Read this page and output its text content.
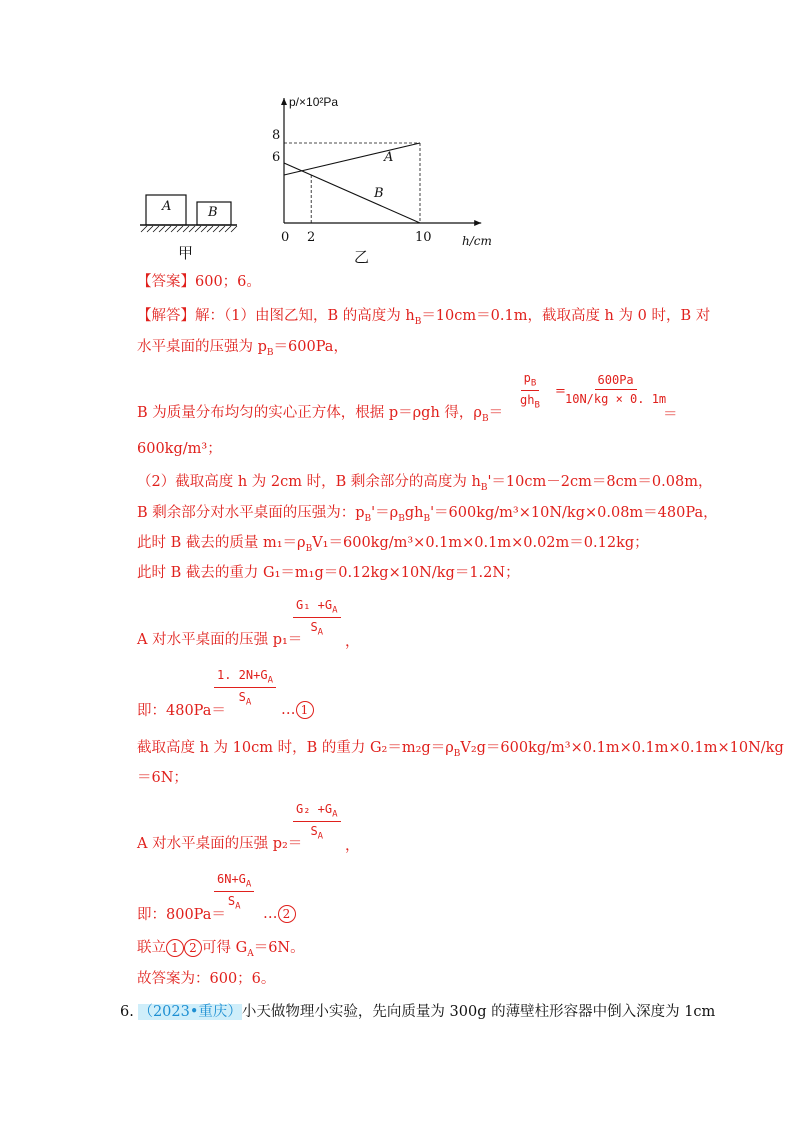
A	B
甲
p/×10²Pa
h/cm
8
6
0 2	10
A
B
乙
【答案】600；6。
【解答】解：（1）由图乙知，B 的高度为 $h_B=10cm=0.1m$，截取高度 h 为 0 时，B 对
水平桌面的压强为 $p_B=600Pa$，
B 为质量分布均匀的实心正方体，根据 p＝ρgh 得，$\rho_B=$
$p_B$
$gh_B$
= $\frac{600Pa}{10N/kg \times 0. 1m}$
＝
600kg/m³；
（2）截取高度 h 为 2cm 时，B 剩余部分的高度为 $h_B'=10cm-2cm=8cm=0.08m$，
B 剩余部分对水平桌面的压强为：$p_B'=\rho_Bgh_B'=600kg/m^3\times 10N/kg\times 0.08m=480Pa$，
此时 B 截去的质量 $m_1=\rho_BV_1=600kg/m^3\times 0.1m\times 0.1m\times 0.02m=0.12kg$；
此时 B 截去的重力 G₁＝m₁g＝0.12kg×10N/kg＝1.2N；
A 对水平桌面的压强 p₁＝
$\frac{G_1 +G_A}{S_A}$
，
即：480Pa＝
$\frac{1. 2N+G_A}{S_A}$
… 1
截取高度 h 为 10cm 时，B 的重力 $G_2=m_2g=\rho_BV_2g=600kg/m^3\times 0.1m\times 0.1m\times 0.1m\times 10N/kg$
＝6N；
A 对水平桌面的压强 p₂＝
$\frac{G_2 +G_A}{S_A}$
，
即：800Pa＝
$\frac{6N+G_A}{S_A}$
… 2
联立 1 2 可得 $G_A=6N$。
故答案为：600；6。
6. （2023•重庆）小天做物理小实验，先向质量为 300g 的薄壁柱形容器中倒入深度为 1cm
